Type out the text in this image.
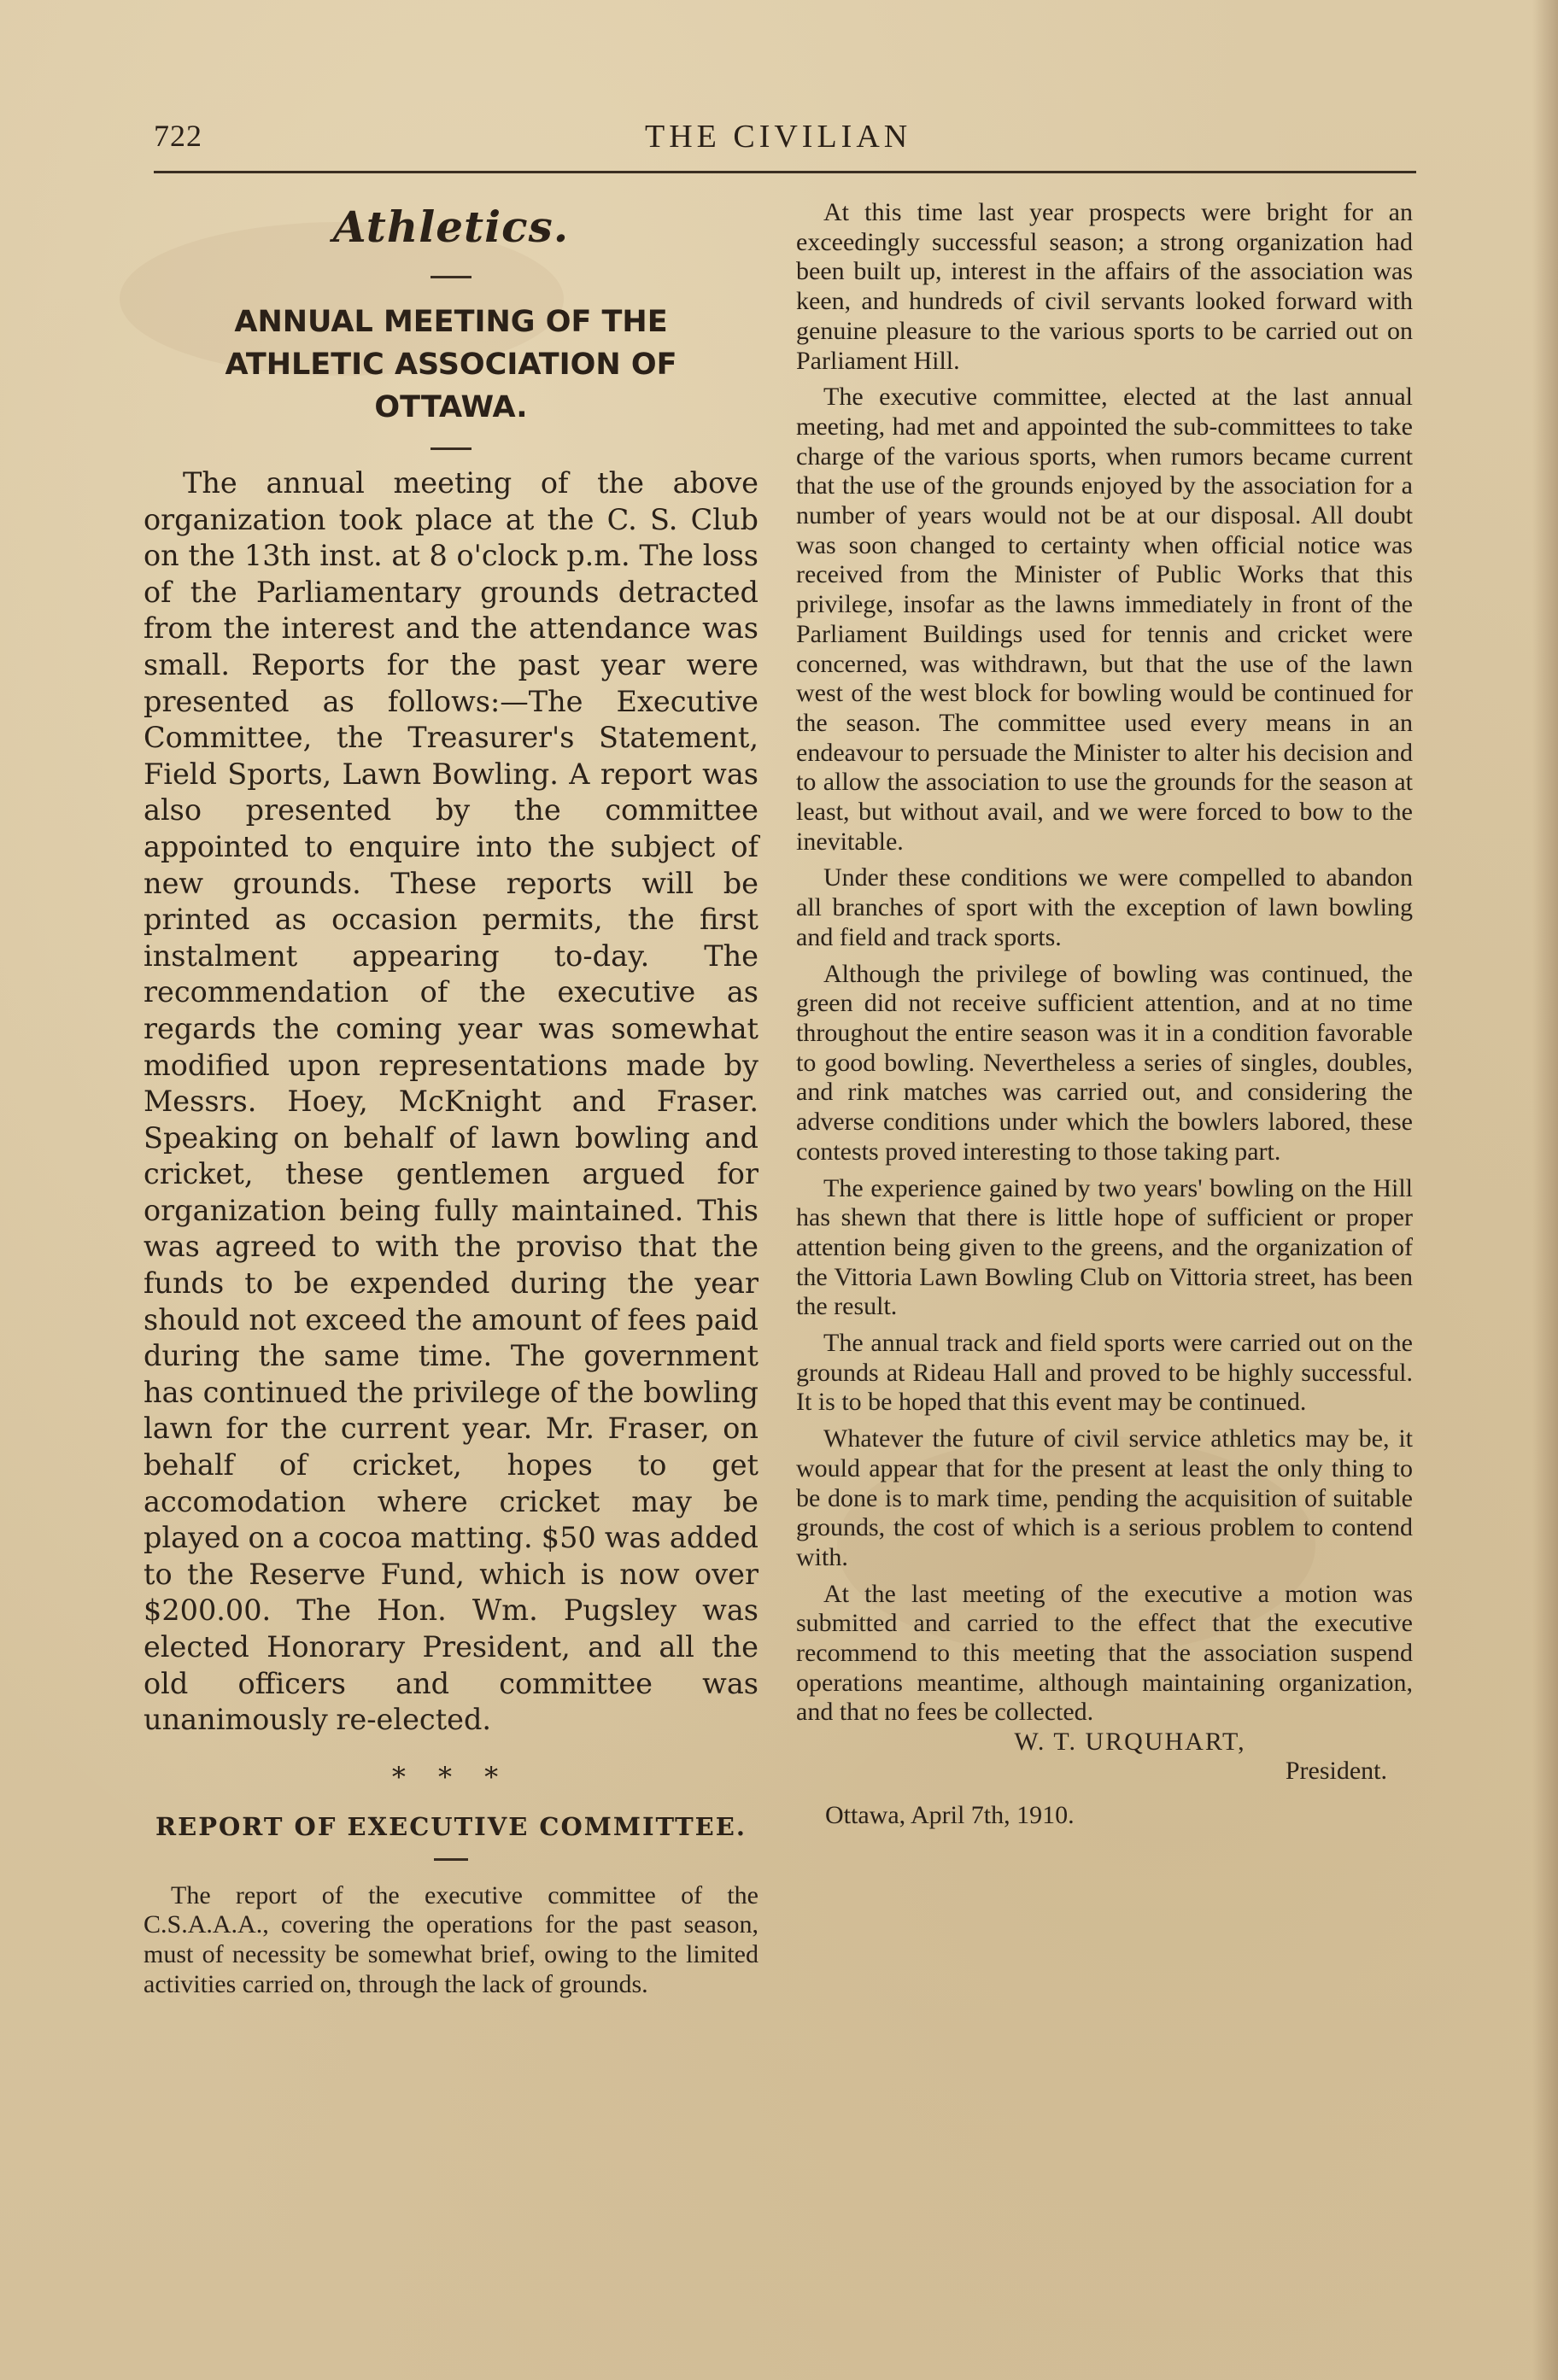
722	THE CIVILIAN
Athletics.
ANNUAL MEETING OF THE ATHLETIC ASSOCIATION OF OTTAWA.

The annual meeting of the above organization took place at the C. S. Club on the 13th inst. at 8 o'clock p.m. The loss of the Parliamentary grounds detracted from the interest and the attendance was small. Reports for the past year were presented as follows:—The Executive Committee, the Treasurer's Statement, Field Sports, Lawn Bowling. A report was also presented by the committee appointed to enquire into the subject of new grounds. These reports will be printed as occasion permits, the first instalment appearing to-day. The recommendation of the executive as regards the coming year was somewhat modified upon representations made by Messrs. Hoey, McKnight and Fraser. Speaking on behalf of lawn bowling and cricket, these gentlemen argued for organization being fully maintained. This was agreed to with the proviso that the funds to be expended during the year should not exceed the amount of fees paid during the same time. The government has continued the privilege of the bowling lawn for the current year. Mr. Fraser, on behalf of cricket, hopes to get accomodation where cricket may be played on a cocoa matting. $50 was added to the Reserve Fund, which is now over $200.00. The Hon. Wm. Pugsley was elected Honorary President, and all the old officers and committee was unanimously re-elected.

* * *
REPORT OF EXECUTIVE COMMITTEE.

The report of the executive committee of the C.S.A.A.A., covering the operations for the past season, must of necessity be somewhat brief, owing to the limited activities carried on, through the lack of grounds.

At this time last year prospects were bright for an exceedingly successful season; a strong organization had been built up, interest in the affairs of the association was keen, and hundreds of civil servants looked forward with genuine pleasure to the various sports to be carried out on Parliament Hill.

The executive committee, elected at the last annual meeting, had met and appointed the sub-committees to take charge of the various sports, when rumors became current that the use of the grounds enjoyed by the association for a number of years would not be at our disposal. All doubt was soon changed to certainty when official notice was received from the Minister of Public Works that this privilege, insofar as the lawns immediately in front of the Parliament Buildings used for tennis and cricket were concerned, was withdrawn, but that the use of the lawn west of the west block for bowling would be continued for the season. The committee used every means in an endeavour to persuade the Minister to alter his decision and to allow the association to use the grounds for the season at least, but without avail, and we were forced to bow to the inevitable.

Under these conditions we were compelled to abandon all branches of sport with the exception of lawn bowling and field and track sports.

Although the privilege of bowling was continued, the green did not receive sufficient attention, and at no time throughout the entire season was it in a condition favorable to good bowling. Nevertheless a series of singles, doubles, and rink matches was carried out, and considering the adverse conditions under which the bowlers labored, these contests proved interesting to those taking part.

The experience gained by two years' bowling on the Hill has shewn that there is little hope of sufficient or proper attention being given to the greens, and the organization of the Vittoria Lawn Bowling Club on Vittoria street, has been the result.

The annual track and field sports were carried out on the grounds at Rideau Hall and proved to be highly successful. It is to be hoped that this event may be continued.

Whatever the future of civil service athletics may be, it would appear that for the present at least the only thing to be done is to mark time, pending the acquisition of suitable grounds, the cost of which is a serious problem to contend with.

At the last meeting of the executive a motion was submitted and carried to the effect that the executive recommend to this meeting that the association suspend operations meantime, although maintaining organization, and that no fees be collected.

W. T. URQUHART,
President.
Ottawa, April 7th, 1910.
